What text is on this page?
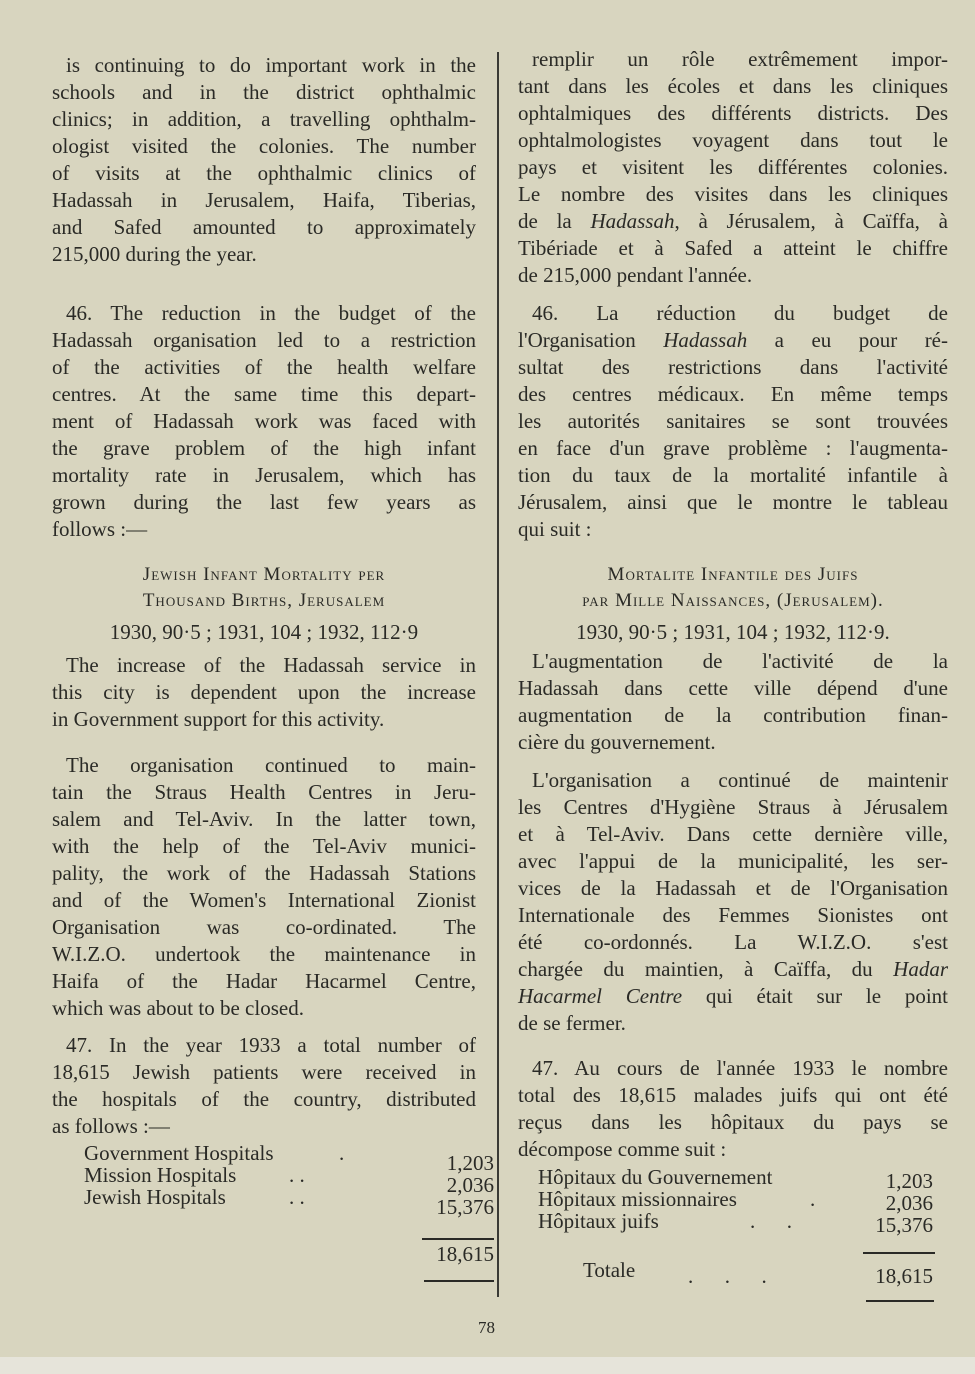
is continuing to do important work in the
schools and in the district ophthalmic
clinics; in addition, a travelling ophthalm-
ologist visited the colonies. The number
of visits at the ophthalmic clinics of
Hadassah in Jerusalem, Haifa, Tiberias,
and Safed amounted to approximately
215,000 during the year.
46. The reduction in the budget of the
Hadassah organisation led to a restriction
of the activities of the health welfare
centres. At the same time this depart-
ment of Hadassah work was faced with
the grave problem of the high infant
mortality rate in Jerusalem, which has
grown during the last few years as
follows :—
Jewish Infant Mortality per
Thousand Births, Jerusalem
1930, 90·5 ; 1931, 104 ; 1932, 112·9
The increase of the Hadassah service in
this city is dependent upon the increase
in Government support for this activity.
The organisation continued to main-
tain the Straus Health Centres in Jeru-
salem and Tel-Aviv. In the latter town,
with the help of the Tel-Aviv munici-
pality, the work of the Hadassah Stations
and of the Women's International Zionist
Organisation was co-ordinated. The
W.I.Z.O. undertook the maintenance in
Haifa of the Hadar Hacarmel Centre,
which was about to be closed.
47. In the year 1933 a total number of
18,615 Jewish patients were received in
the hospitals of the country, distributed
as follows :—
Government Hospitals	.	1,203
Mission Hospitals	. .	2,036
Jewish Hospitals	. .	15,376
18,615
remplir un rôle extrêmement impor-
tant dans les écoles et dans les cliniques
ophtalmiques des différents districts. Des
ophtalmologistes voyagent dans tout le
pays et visitent les différentes colonies.
Le nombre des visites dans les cliniques
de la Hadassah, à Jérusalem, à Caïffa, à
Tibériade et à Safed a atteint le chiffre
de 215,000 pendant l'année.
46. La réduction du budget de
l'Organisation Hadassah a eu pour ré-
sultat des restrictions dans l'activité
des centres médicaux. En même temps
les autorités sanitaires se sont trouvées
en face d'un grave problème : l'augmenta-
tion du taux de la mortalité infantile à
Jérusalem, ainsi que le montre le tableau
qui suit :
Mortalite Infantile des Juifs
par Mille Naissances, (Jerusalem).
1930, 90·5 ; 1931, 104 ; 1932, 112·9.
L'augmentation de l'activité de la
Hadassah dans cette ville dépend d'une
augmentation de la contribution finan-
cière du gouvernement.
L'organisation a continué de maintenir
les Centres d'Hygiène Straus à Jérusalem
et à Tel-Aviv. Dans cette dernière ville,
avec l'appui de la municipalité, les ser-
vices de la Hadassah et de l'Organisation
Internationale des Femmes Sionistes ont
été co-ordonnés. La W.I.Z.O. s'est
chargée du maintien, à Caïffa, du Hadar
Hacarmel Centre qui était sur le point
de se fermer.
47. Au cours de l'année 1933 le nombre
total des 18,615 malades juifs qui ont été
reçus dans les hôpitaux du pays se
décompose comme suit :
Hôpitaux du Gouvernement	1,203
Hôpitaux missionnaires	.	2,036
Hôpitaux juifs	.      .	15,376
Totale	.      .      .	18,615
78
